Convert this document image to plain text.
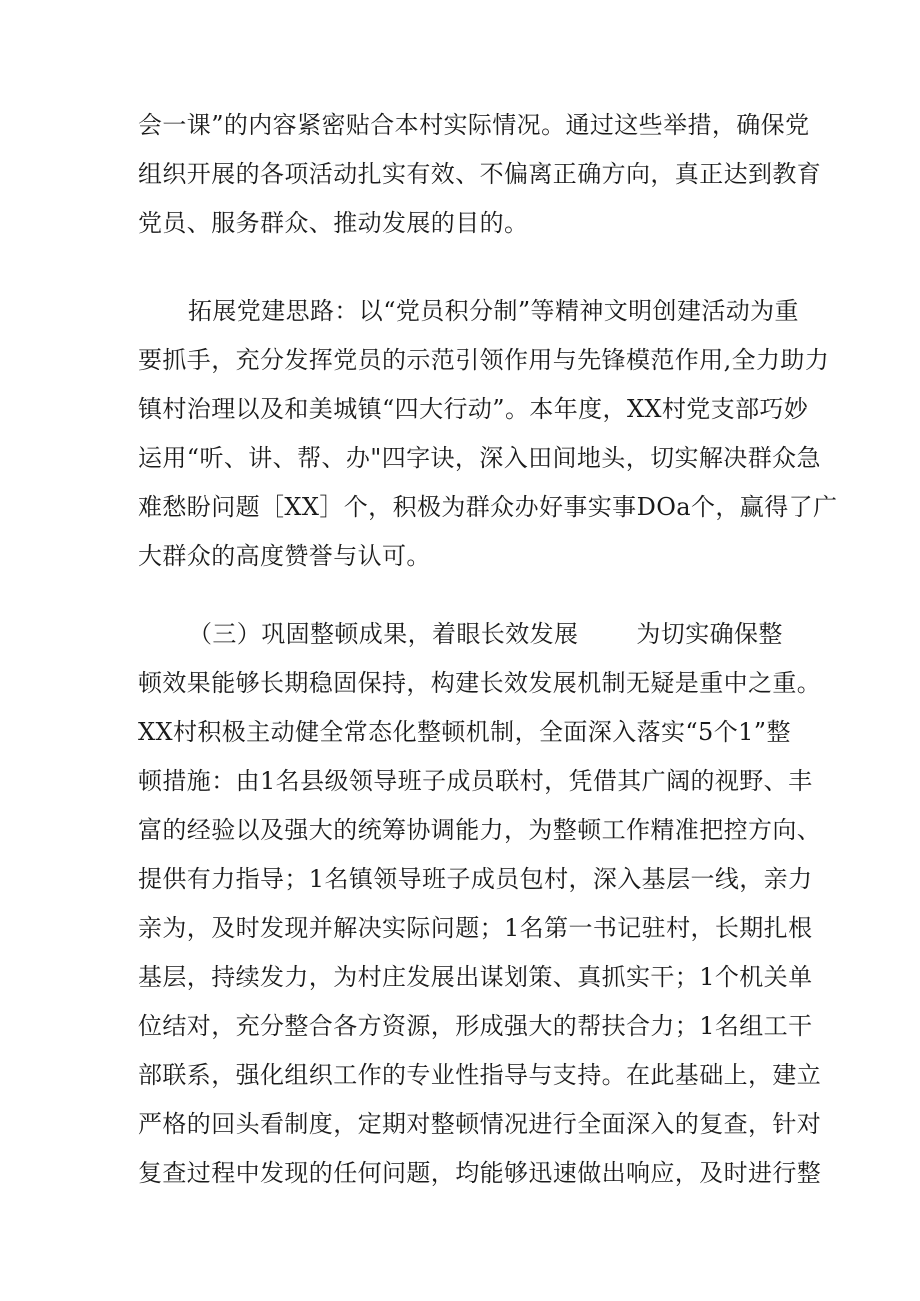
会一课”的内容紧密贴合本村实际情况。通过这些举措，确保党
组织开展的各项活动扎实有效、不偏离正确方向，真正达到教育
党员、服务群众、推动发展的目的。
拓展党建思路：以“党员积分制”等精神文明创建活动为重
要抓手，充分发挥党员的示范引领作用与先锋模范作用,全力助力
镇村治理以及和美城镇“四大行动”。本年度，XX村党支部巧妙
运用“听、讲、帮、办"四字诀，深入田间地头，切实解决群众急
难愁盼问题［XX］个，积极为群众办好事实事DOa个，赢得了广
大群众的高度赞誉与认可。
（三）巩固整顿成果，着眼长效发展 为切实确保整
顿效果能够长期稳固保持，构建长效发展机制无疑是重中之重。
XX村积极主动健全常态化整顿机制，全面深入落实“5个1”整
顿措施：由1名县级领导班子成员联村，凭借其广阔的视野、丰
富的经验以及强大的统筹协调能力，为整顿工作精准把控方向、
提供有力指导；1名镇领导班子成员包村，深入基层一线，亲力
亲为，及时发现并解决实际问题；1名第一书记驻村，长期扎根
基层，持续发力，为村庄发展出谋划策、真抓实干；1个机关单
位结对，充分整合各方资源，形成强大的帮扶合力；1名组工干
部联系，强化组织工作的专业性指导与支持。在此基础上，建立
严格的回头看制度，定期对整顿情况进行全面深入的复查，针对
复查过程中发现的任何问题，均能够迅速做出响应，及时进行整
